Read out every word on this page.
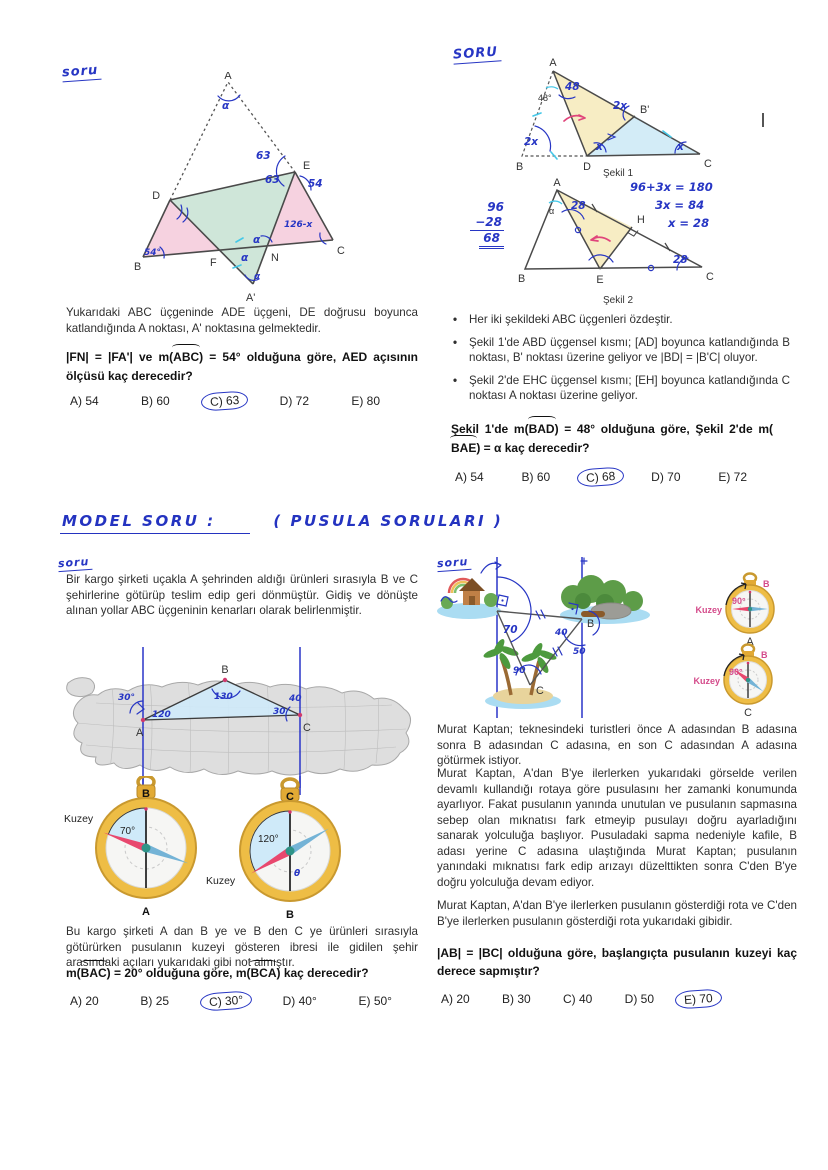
soru	A
D
E
B	F	N
C
A'
α
63
63	54
54°
126-x
α
α
α
Yukarıdaki ABC üçgeninde ADE üçgeni, DE doğrusu boyunca katlandığında A noktası, A' noktasına gelmektedir.
|FN| = |FA'| ve m(ABC) = 54° olduğuna göre, AED açısının ölçüsü kaç derecedir?
A) 54	B) 60	C) 63	D) 72	E) 80
SORU
A
B	D	C
B'
Şekil 1
48°
48
2x
x	x
2x
A
B	E	C
H
Şekil 2
α 28
28
96+3x = 180
3x = 84
x = 28
96
−28
68
•	Her iki şekildeki ABC üçgenleri özdeştir.
•	Şekil 1'de ABD üçgensel kısmı; [AD] boyunca katlandığında B noktası, B' noktası üzerine geliyor ve |BD| = |B'C| oluyor.
•	Şekil 2'de EHC üçgensel kısmı; [EH] boyunca katlandığında C noktası A noktası üzerine geliyor.
Şekil 1'de m(BAD) = 48° olduğuna göre, Şekil 2'de m(BAE) = α kaç derecedir?
A) 54	B) 60	C) 68	D) 70	E) 72
MODEL SORU :	( PUSULA SORULARI )
soru
Bir kargo şirketi uçakla A şehrinden aldığı ürünleri sırasıyla B ve C şehirlerine götürüp teslim edip geri dönmüştür. Gidiş ve dönüşte alınan yollar ABC üçgeninin kenarları olarak belirlenmiştir.
A
B
C
30°
120
130	40
30
70°
B
A
Kuzey
120°
C
B
Kuzey
θ
Bu kargo şirketi A dan B ye ve B den C ye ürünleri sırasıyla götürürken pusulanın kuzeyi gösteren ibresi ile gidilen şehir arasındaki açıları yukarıdaki gibi not almıştır.
m(BAC) = 20° olduğuna göre, m(BCA) kaç derecedir?
A) 20	B) 25	C) 30°	D) 40°	E) 50°
soru
B
C
70	40
50
90
Kuzey
B
A
90°
Kuzey
B
C
90°
Murat Kaptan; teknesindeki turistleri önce A adasından B adasına sonra B adasından C adasına, en son C adasından A adasına götürmek istiyor.
Murat Kaptan, A'dan B'ye ilerlerken yukarıdaki görselde verilen devamlı kullandığı rotaya göre pusulasını her zamanki konumunda ayarlıyor. Fakat pusulanın yanında unutulan ve pusulanın sapmasına sebep olan mıknatısı fark etmeyip pusulayı doğru ayarladığını sanarak yolculuğa başlıyor. Pusuladaki sapma nedeniyle kafile, B adası yerine C adasına ulaştığında Murat Kaptan; pusulanın yanındaki mıknatısı fark edip arızayı düzelttikten sonra C'den B'ye doğru yolculuğa devam ediyor.
Murat Kaptan, A'dan B'ye ilerlerken pusulanın gösterdiği rota ve C'den B'ye ilerlerken pusulanın gösterdiği rota yukarıdaki gibidir.
|AB| = |BC| olduğuna göre, başlangıçta pusulanın kuzeyi kaç derece sapmıştır?
A) 20	B) 30	C) 40	D) 50	E) 70
